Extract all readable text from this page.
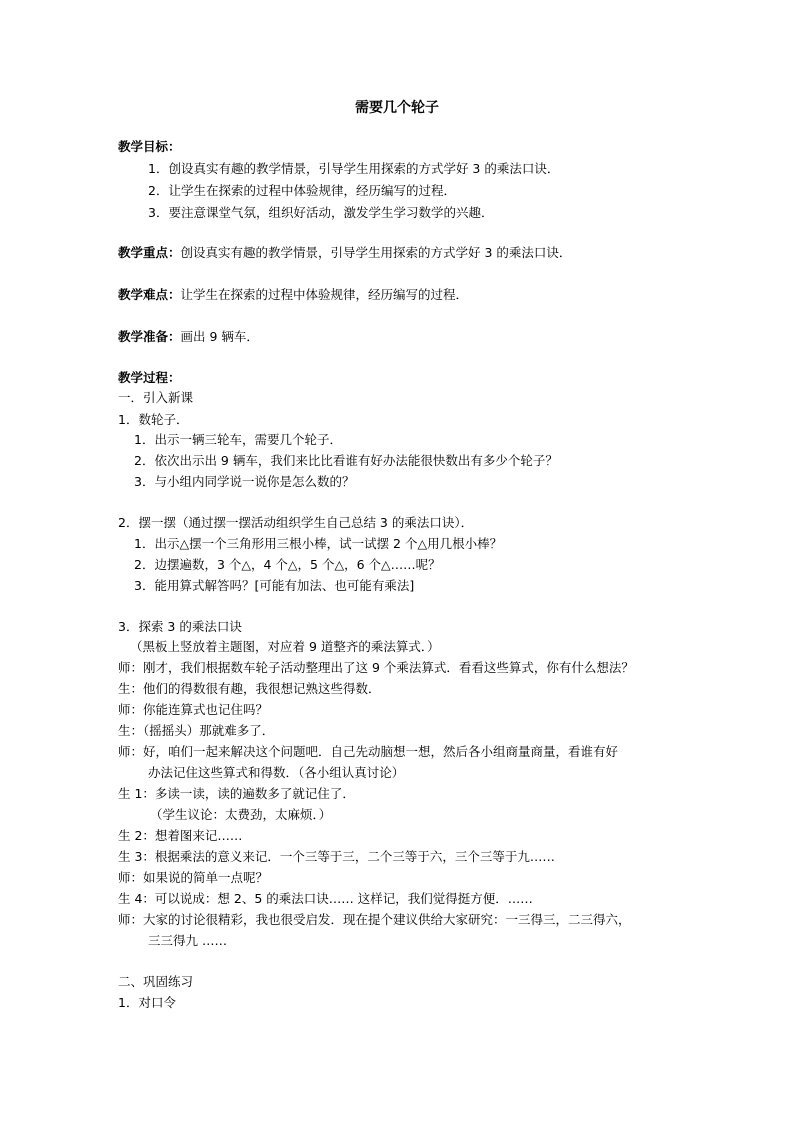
需要几个轮子
教学目标：
1．创设真实有趣的教学情景，引导学生用探索的方式学好 3 的乘法口诀．
2．让学生在探索的过程中体验规律，经历编写的过程．
3．要注意课堂气氛，组织好活动，激发学生学习数学的兴趣．
教学重点：创设真实有趣的教学情景，引导学生用探索的方式学好 3 的乘法口诀．
教学难点：让学生在探索的过程中体验规律，经历编写的过程．
教学准备：画出 9 辆车．
教学过程：
一．引入新课
1．数轮子．
1．出示一辆三轮车，需要几个轮子．
2．依次出示出 9 辆车，我们来比比看谁有好办法能很快数出有多少个轮子？
3．与小组内同学说一说你是怎么数的？
2．摆一摆（通过摆一摆活动组织学生自己总结 3 的乘法口诀）．
1．出示△摆一个三角形用三根小棒，试一试摆 2 个△用几根小棒？
2．边摆遍数，3 个△，4 个△，5 个△，6 个△……呢？
3．能用算式解答吗？[可能有加法、也可能有乘法]
3．探索 3 的乘法口诀
（黑板上竖放着主题图，对应着 9 道整齐的乘法算式．）
师：刚才，我们根据数车轮子活动整理出了这 9 个乘法算式．看看这些算式，你有什么想法？
生：他们的得数很有趣，我很想记熟这些得数．
师：你能连算式也记住吗？
生：（摇摇头）那就难多了．
师：好，咱们一起来解决这个问题吧．自己先动脑想一想，然后各小组商量商量，看谁有好
办法记住这些算式和得数．（各小组认真讨论）
生 1：多读一读，读的遍数多了就记住了．
（学生议论：太费劲，太麻烦．）
生 2：想着图来记……
生 3：根据乘法的意义来记．一个三等于三，二个三等于六，三个三等于九……
师：如果说的简单一点呢？
生 4：可以说成：想 2、5 的乘法口诀…… 这样记，我们觉得挺方便．……
师：大家的讨论很精彩，我也很受启发．现在提个建议供给大家研究：一三得三，二三得六，
三三得九 ……
二、巩固练习
1．对口令
